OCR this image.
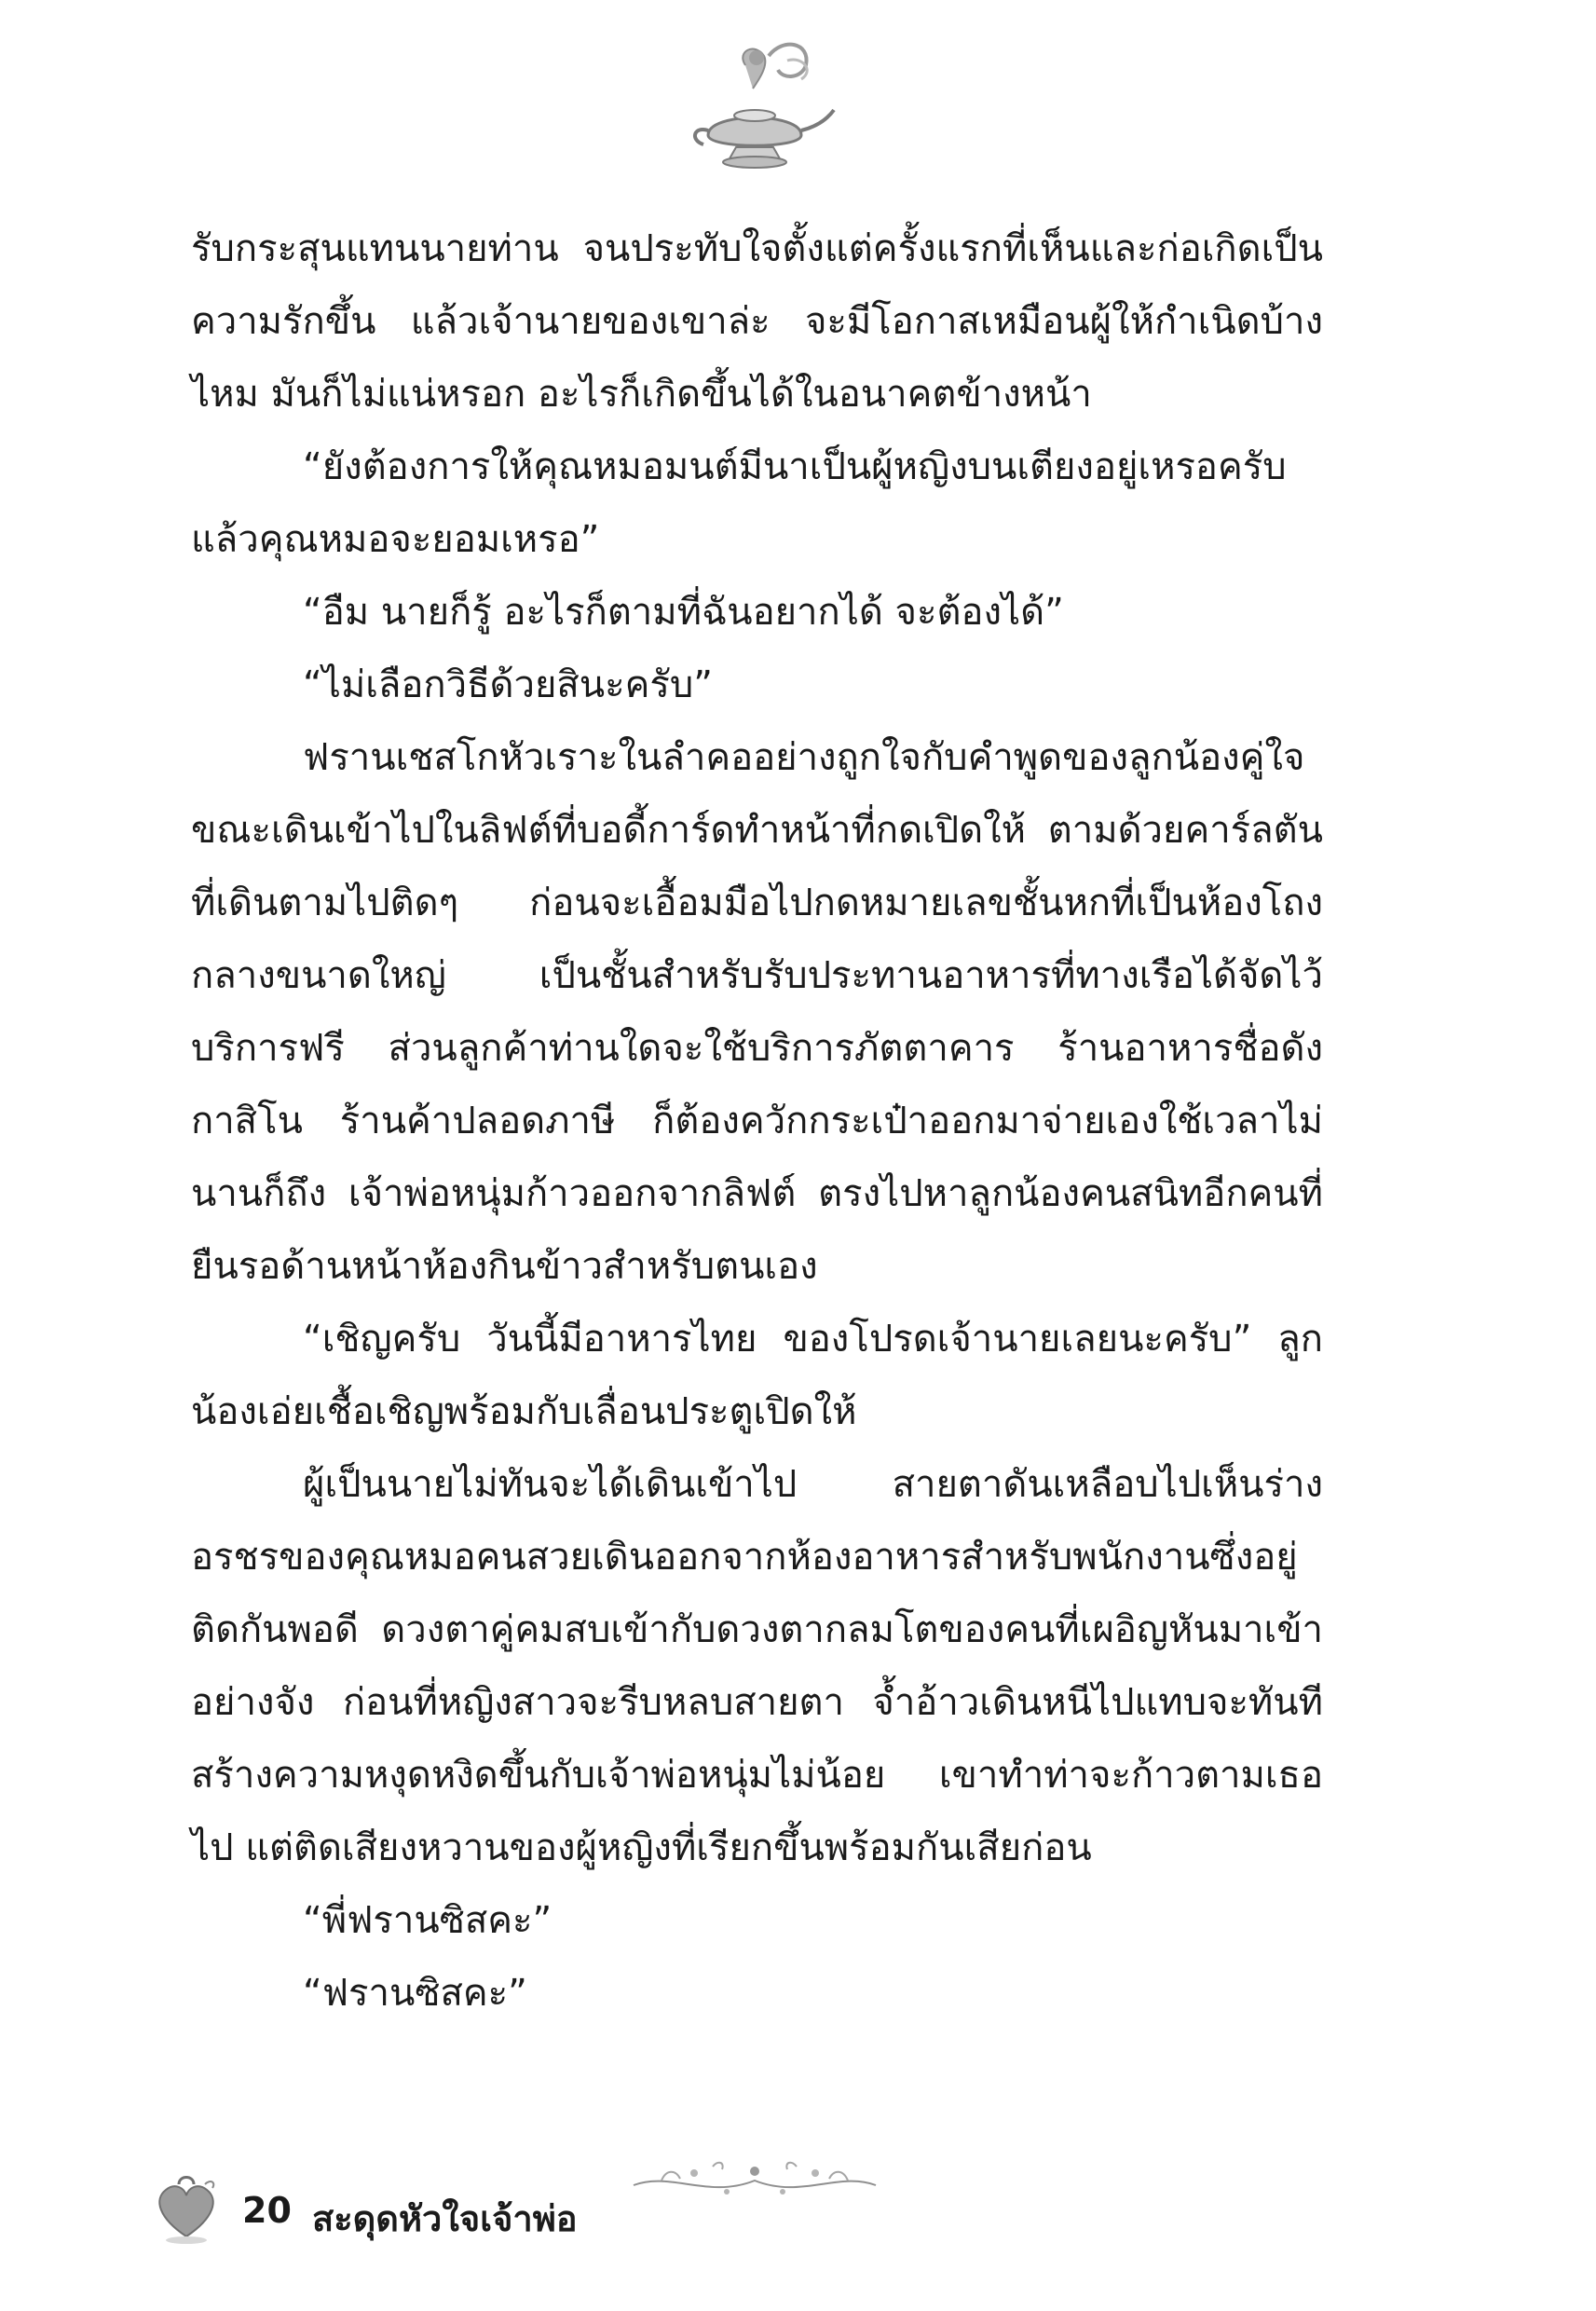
รับกระสุนแทนนายท่าน จนประทับใจตั้งแต่ครั้งแรกที่เห็นและก่อเกิดเป็นความรักขึ้น แล้วเจ้านายของเขาล่ะ จะมีโอกาสเหมือนผู้ให้กำเนิดบ้างไหม มันก็ไม่แน่หรอก อะไรก็เกิดขึ้นได้ในอนาคตข้างหน้า

“ยังต้องการให้คุณหมอมนต์มีนาเป็นผู้หญิงบนเตียงอยู่เหรอครับ แล้วคุณหมอจะยอมเหรอ”

“อืม นายก็รู้ อะไรก็ตามที่ฉันอยากได้ จะต้องได้”

“ไม่เลือกวิธีด้วยสินะครับ”

ฟรานเชสโกหัวเราะในลำคออย่างถูกใจกับคำพูดของลูกน้องคู่ใจขณะเดินเข้าไปในลิฟต์ที่บอดี้การ์ดทำหน้าที่กดเปิดให้ ตามด้วยคาร์ลตันที่เดินตามไปติดๆ ก่อนจะเอื้อมมือไปกดหมายเลขชั้นหกที่เป็นห้องโถงกลางขนาดใหญ่ เป็นชั้นสำหรับรับประทานอาหารที่ทางเรือได้จัดไว้บริการฟรี ส่วนลูกค้าท่านใดจะใช้บริการภัตตาคาร ร้านอาหารชื่อดัง กาสิโน ร้านค้าปลอดภาษี ก็ต้องควักกระเป๋าออกมาจ่ายเองใช้เวลาไม่นานก็ถึง เจ้าพ่อหนุ่มก้าวออกจากลิฟต์ ตรงไปหาลูกน้องคนสนิทอีกคนที่ยืนรอด้านหน้าห้องกินข้าวสำหรับตนเอง

“เชิญครับ วันนี้มีอาหารไทย ของโปรดเจ้านายเลยนะครับ” ลูกน้องเอ่ยเชื้อเชิญพร้อมกับเลื่อนประตูเปิดให้

ผู้เป็นนายไม่ทันจะได้เดินเข้าไป สายตาดันเหลือบไปเห็นร่างอรชรของคุณหมอคนสวยเดินออกจากห้องอาหารสำหรับพนักงานซึ่งอยู่ติดกันพอดี ดวงตาคู่คมสบเข้ากับดวงตากลมโตของคนที่เผอิญหันมาเข้าอย่างจัง ก่อนที่หญิงสาวจะรีบหลบสายตา จ้ำอ้าวเดินหนีไปแทบจะทันที สร้างความหงุดหงิดขึ้นกับเจ้าพ่อหนุ่มไม่น้อย เขาทำท่าจะก้าวตามเธอไป แต่ติดเสียงหวานของผู้หญิงที่เรียกขึ้นพร้อมกันเสียก่อน

“พี่ฟรานซิสคะ”

“ฟรานซิสคะ”

20 สะดุดหัวใจเจ้าพ่อ
